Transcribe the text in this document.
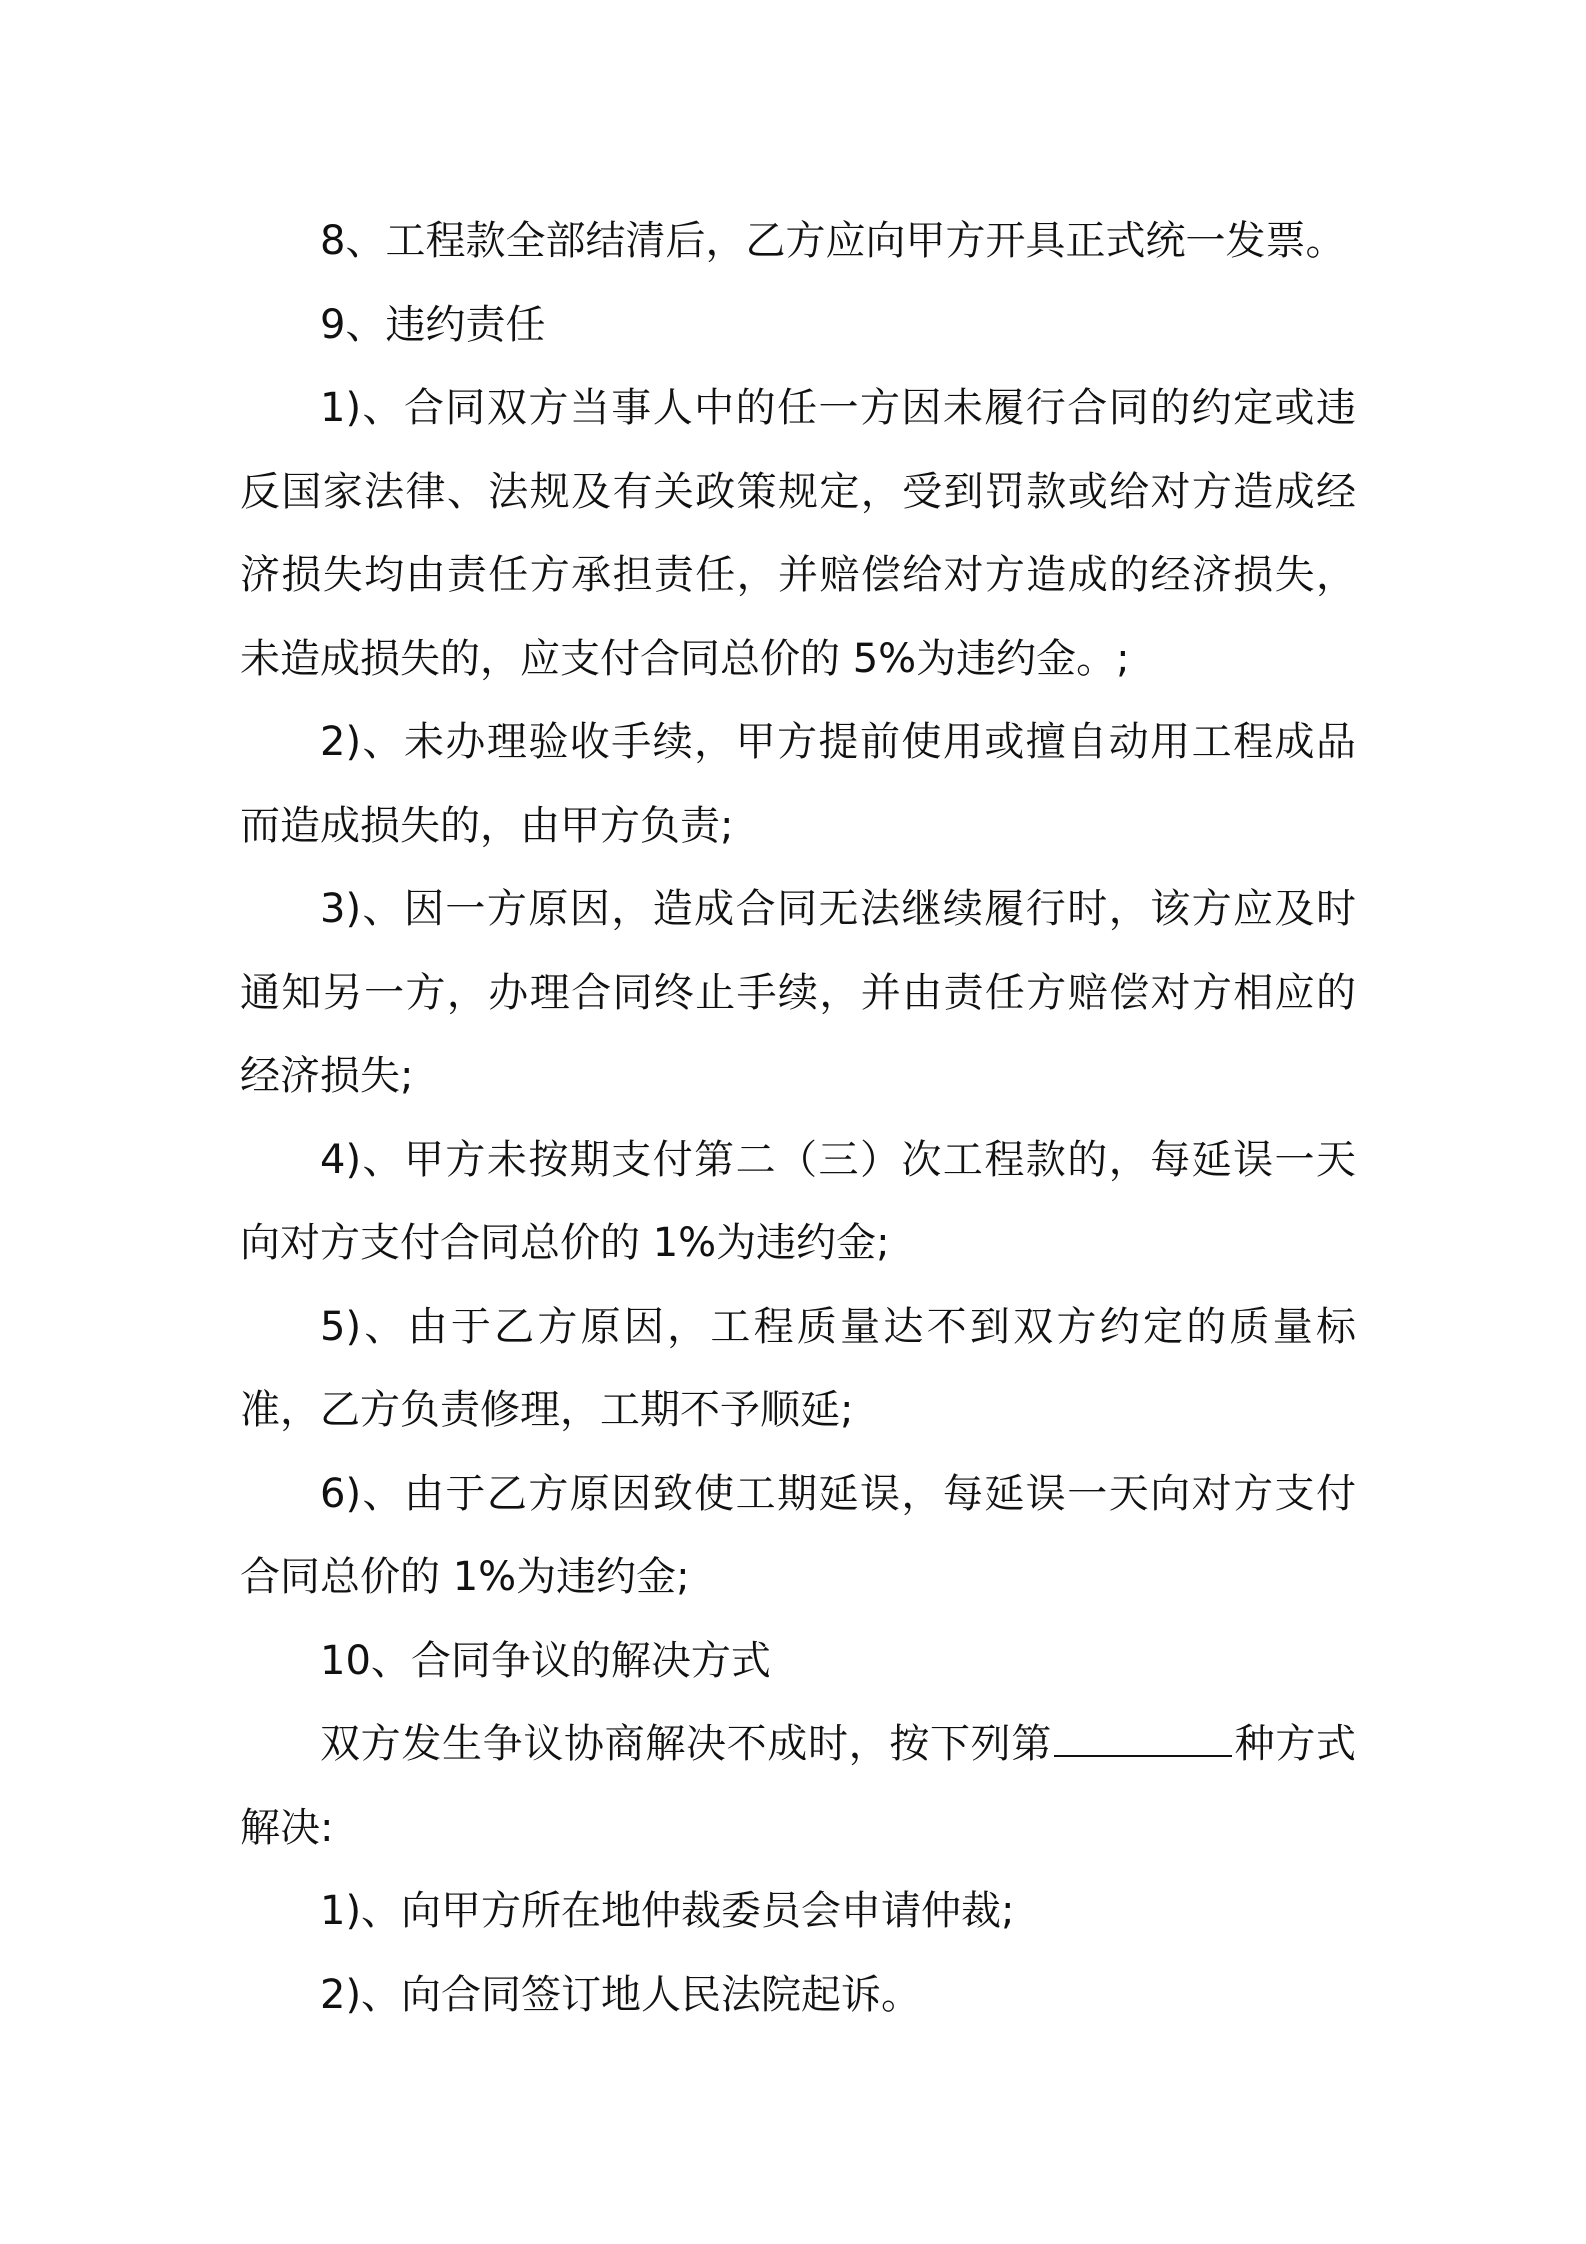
8、工程款全部结清后，乙方应向甲方开具正式统一发票。

9、违约责任

1)、合同双方当事人中的任一方因未履行合同的约定或违反国家法律、法规及有关政策规定，受到罚款或给对方造成经济损失均由责任方承担责任，并赔偿给对方造成的经济损失，未造成损失的，应支付合同总价的 5%为违约金。;

2)、未办理验收手续，甲方提前使用或擅自动用工程成品而造成损失的，由甲方负责;

3)、因一方原因，造成合同无法继续履行时，该方应及时通知另一方，办理合同终止手续，并由责任方赔偿对方相应的经济损失;

4)、甲方未按期支付第二（三）次工程款的，每延误一天向对方支付合同总价的 1%为违约金;

5)、由于乙方原因，工程质量达不到双方约定的质量标准，乙方负责修理，工期不予顺延;

6)、由于乙方原因致使工期延误，每延误一天向对方支付合同总价的 1%为违约金;

10、合同争议的解决方式

双方发生争议协商解决不成时，按下列第	种方式解决:

1)、向甲方所在地仲裁委员会申请仲裁;

2)、向合同签订地人民法院起诉。
